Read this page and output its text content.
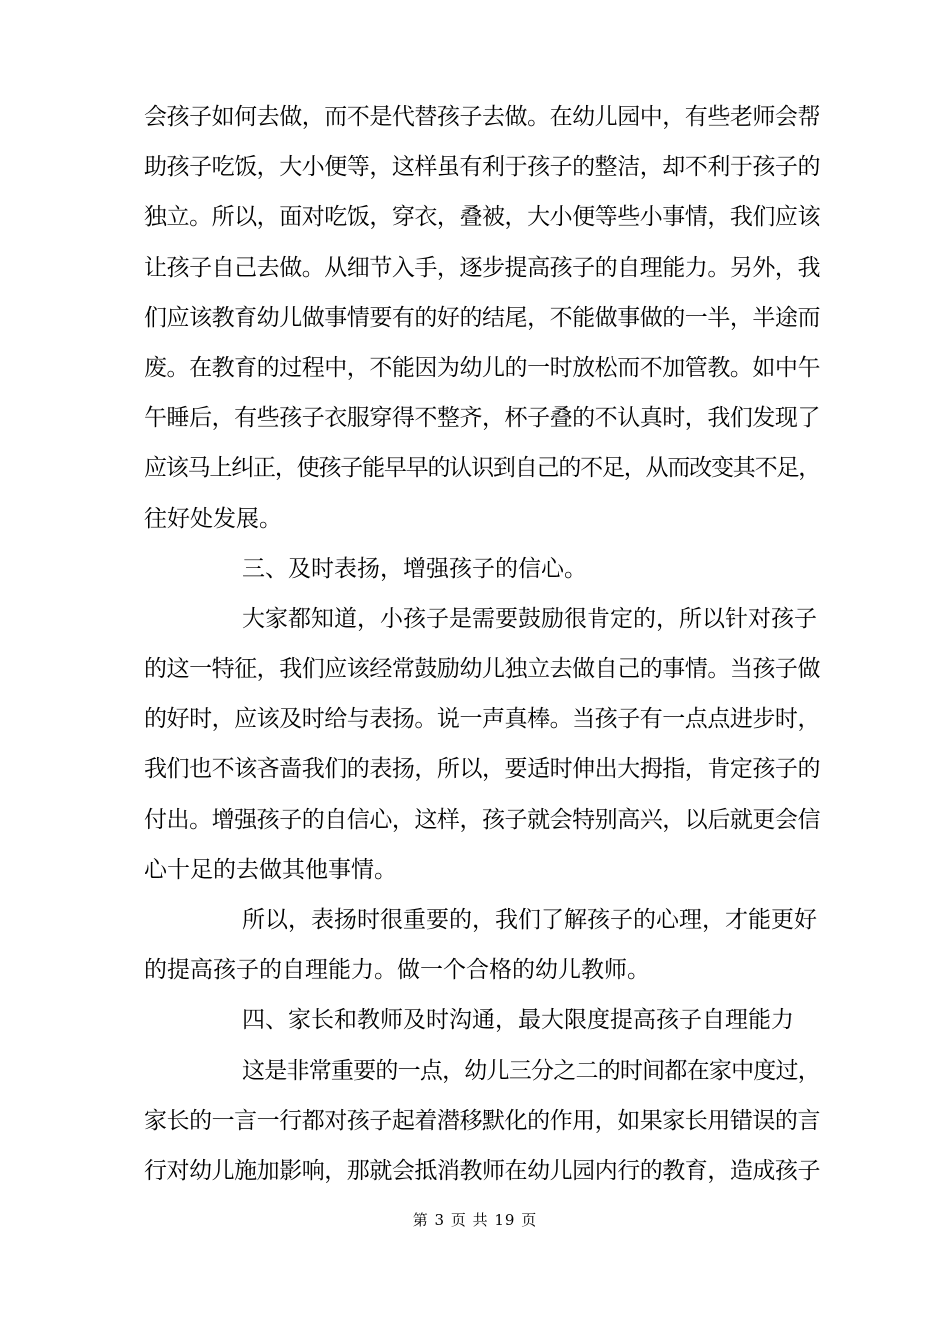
会孩子如何去做，而不是代替孩子去做。在幼儿园中，有些老师会帮
助孩子吃饭，大小便等，这样虽有利于孩子的整洁，却不利于孩子的
独立。所以，面对吃饭，穿衣，叠被，大小便等些小事情，我们应该
让孩子自己去做。从细节入手，逐步提高孩子的自理能力。另外，我
们应该教育幼儿做事情要有的好的结尾，不能做事做的一半，半途而
废。在教育的过程中，不能因为幼儿的一时放松而不加管教。如中午
午睡后，有些孩子衣服穿得不整齐，杯子叠的不认真时，我们发现了
应该马上纠正，使孩子能早早的认识到自己的不足，从而改变其不足，
往好处发展。
三、及时表扬，增强孩子的信心。
大家都知道，小孩子是需要鼓励很肯定的，所以针对孩子
的这一特征，我们应该经常鼓励幼儿独立去做自己的事情。当孩子做
的好时，应该及时给与表扬。说一声真棒。当孩子有一点点进步时，
我们也不该吝啬我们的表扬，所以，要适时伸出大拇指，肯定孩子的
付出。增强孩子的自信心，这样，孩子就会特别高兴，以后就更会信
心十足的去做其他事情。
所以，表扬时很重要的，我们了解孩子的心理，才能更好
的提高孩子的自理能力。做一个合格的幼儿教师。
四、家长和教师及时沟通，最大限度提高孩子自理能力
这是非常重要的一点，幼儿三分之二的时间都在家中度过，
家长的一言一行都对孩子起着潜移默化的作用，如果家长用错误的言
行对幼儿施加影响，那就会抵消教师在幼儿园内行的教育，造成孩子
第 3 页 共 19 页
